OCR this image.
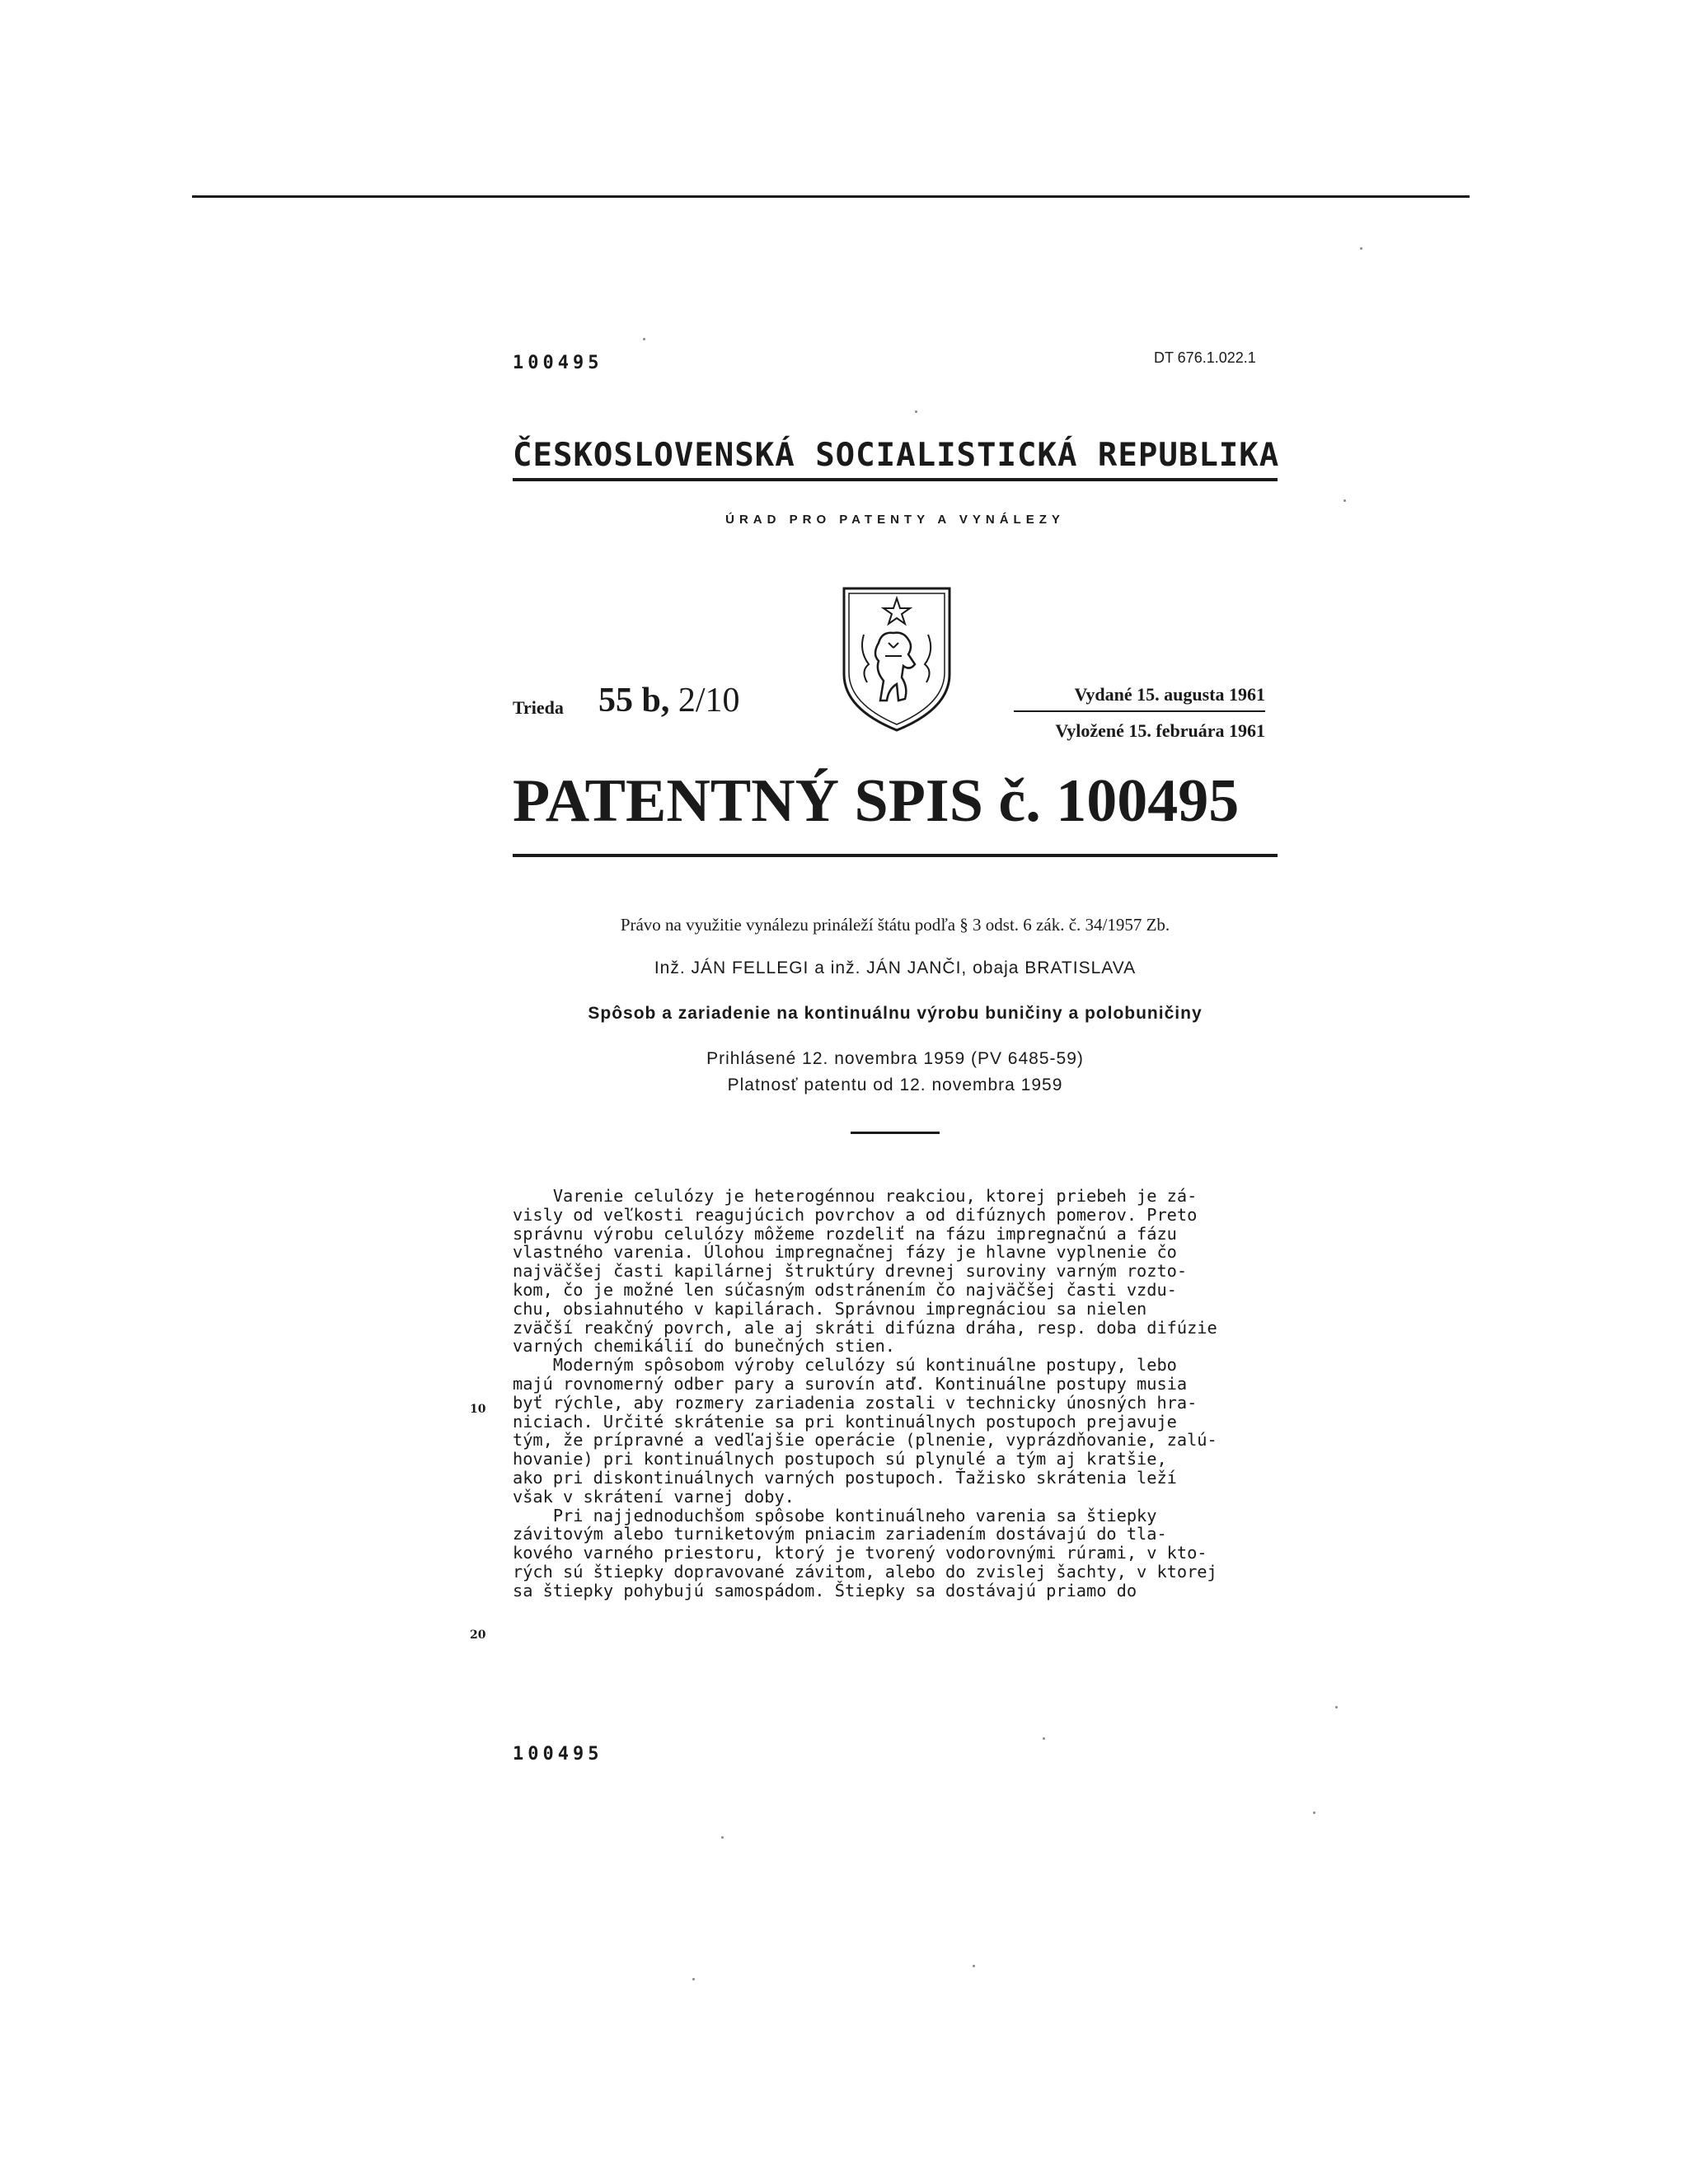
100495	DT 676.1.022.1
ČESKOSLOVENSKÁ SOCIALISTICKÁ REPUBLIKA
ÚRAD PRO PATENTY A VYNÁLEZY
Trieda 55 b, 2/10	Vydané 15. augusta 1961
Vyložené 15. februára 1961
PATENTNÝ SPIS č. 100495
Právo na využitie vynálezu prináleží štátu podľa § 3 odst. 6 zák. č. 34/1957 Zb.
Inž. JÁN FELLEGI a inž. JÁN JANČI, obaja BRATISLAVA
Spôsob a zariadenie na kontinuálnu výrobu buničiny a polobuničiny
Prihlásené 12. novembra 1959 (PV 6485-59)
Platnosť patentu od 12. novembra 1959
10
20
Varenie celulózy je heterogénnou reakciou, ktorej priebeh je zá-
visly od veľkosti reagujúcich povrchov a od difúznych pomerov. Preto
správnu výrobu celulózy môžeme rozdeliť na fázu impregnačnú a fázu
vlastného varenia. Úlohou impregnačnej fázy je hlavne vyplnenie čo
najväčšej časti kapilárnej štruktúry drevnej suroviny varným rozto-
kom, čo je možné len súčasným odstránením čo najväčšej časti vzdu-
chu, obsiahnutého v kapilárach. Správnou impregnáciou sa nielen
zväčší reakčný povrch, ale aj skráti difúzna dráha, resp. doba difúzie
varných chemikálií do bunečných stien.
Moderným spôsobom výroby celulózy sú kontinuálne postupy, lebo
majú rovnomerný odber pary a surovín atď. Kontinuálne postupy musia
byť rýchle, aby rozmery zariadenia zostali v technicky únosných hra-
niciach. Určité skrátenie sa pri kontinuálnych postupoch prejavuje
tým, že prípravné a vedľajšie operácie (plnenie, vyprázdňovanie, zalú-
hovanie) pri kontinuálnych postupoch sú plynulé a tým aj kratšie,
ako pri diskontinuálnych varných postupoch. Ťažisko skrátenia leží
však v skrátení varnej doby.
Pri najjednoduchšom spôsobe kontinuálneho varenia sa štiepky
závitovým alebo turniketovým pniacim zariadením dostávajú do tla-
kového varného priestoru, ktorý je tvorený vodorovnými rúrami, v kto-
rých sú štiepky dopravované závitom, alebo do zvislej šachty, v ktorej
sa štiepky pohybujú samospádom. Štiepky sa dostávajú priamo do
100495
